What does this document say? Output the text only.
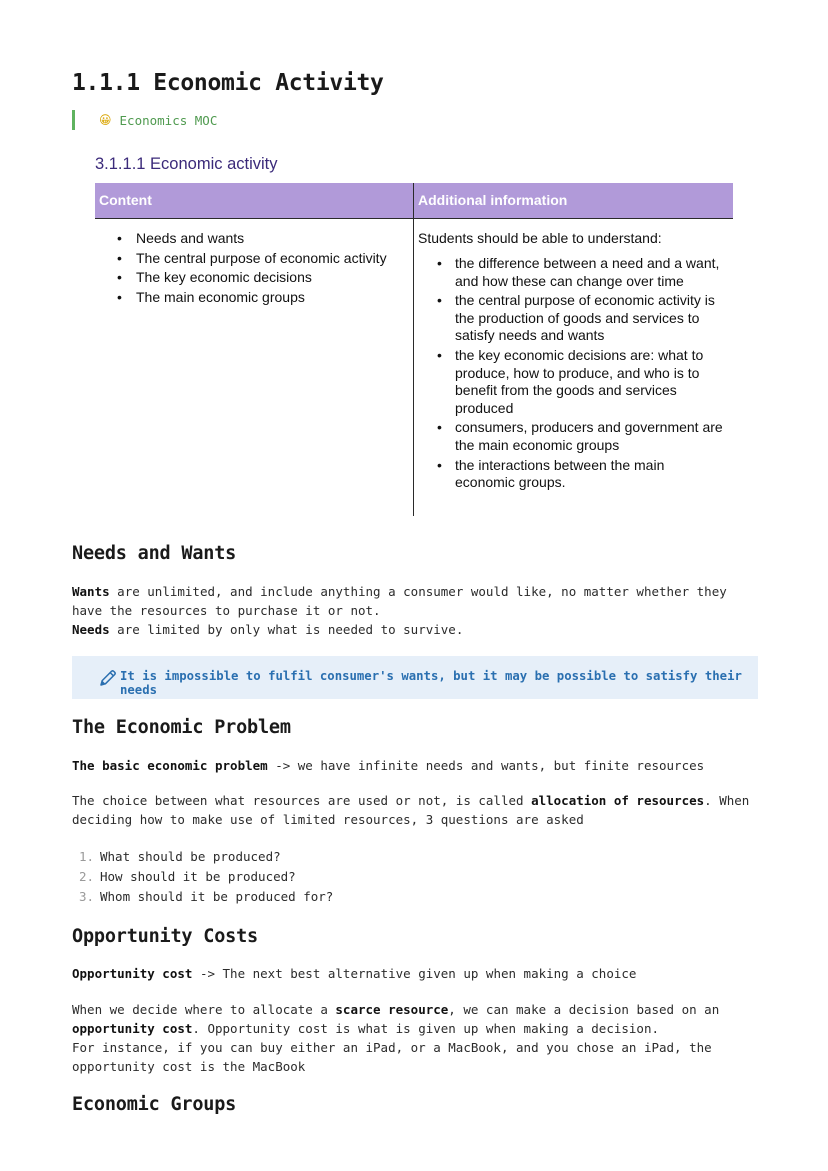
1.1.1 Economic Activity
😀 Economics MOC
3.1.1.1 Economic activity
Content	Additional information
• Needs and wants
• The central purpose of economic activity
• The key economic decisions
• The main economic groups

Students should be able to understand:

• the difference between a need and a want, and how these can change over time
• the central purpose of economic activity is the production of goods and services to satisfy needs and wants
• the key economic decisions are: what to produce, how to produce, and who is to benefit from the goods and services produced
• consumers, producers and government are the main economic groups
• the interactions between the main economic groups.
Needs and Wants

Wants are unlimited, and include anything a consumer would like, no matter whether they have the resources to purchase it or not.
Needs are limited by only what is needed to survive.

It is impossible to fulfil consumer's wants, but it may be possible to satisfy their needs
The Economic Problem

The basic economic problem -> we have infinite needs and wants, but finite resources

The choice between what resources are used or not, is called allocation of resources. When deciding how to make use of limited resources, 3 questions are asked

1. What should be produced?
2. How should it be produced?
3. Whom should it be produced for?
Opportunity Costs

Opportunity cost -> The next best alternative given up when making a choice

When we decide where to allocate a scarce resource, we can make a decision based on an opportunity cost. Opportunity cost is what is given up when making a decision.
For instance, if you can buy either an iPad, or a MacBook, and you chose an iPad, the opportunity cost is the MacBook

Economic Groups
